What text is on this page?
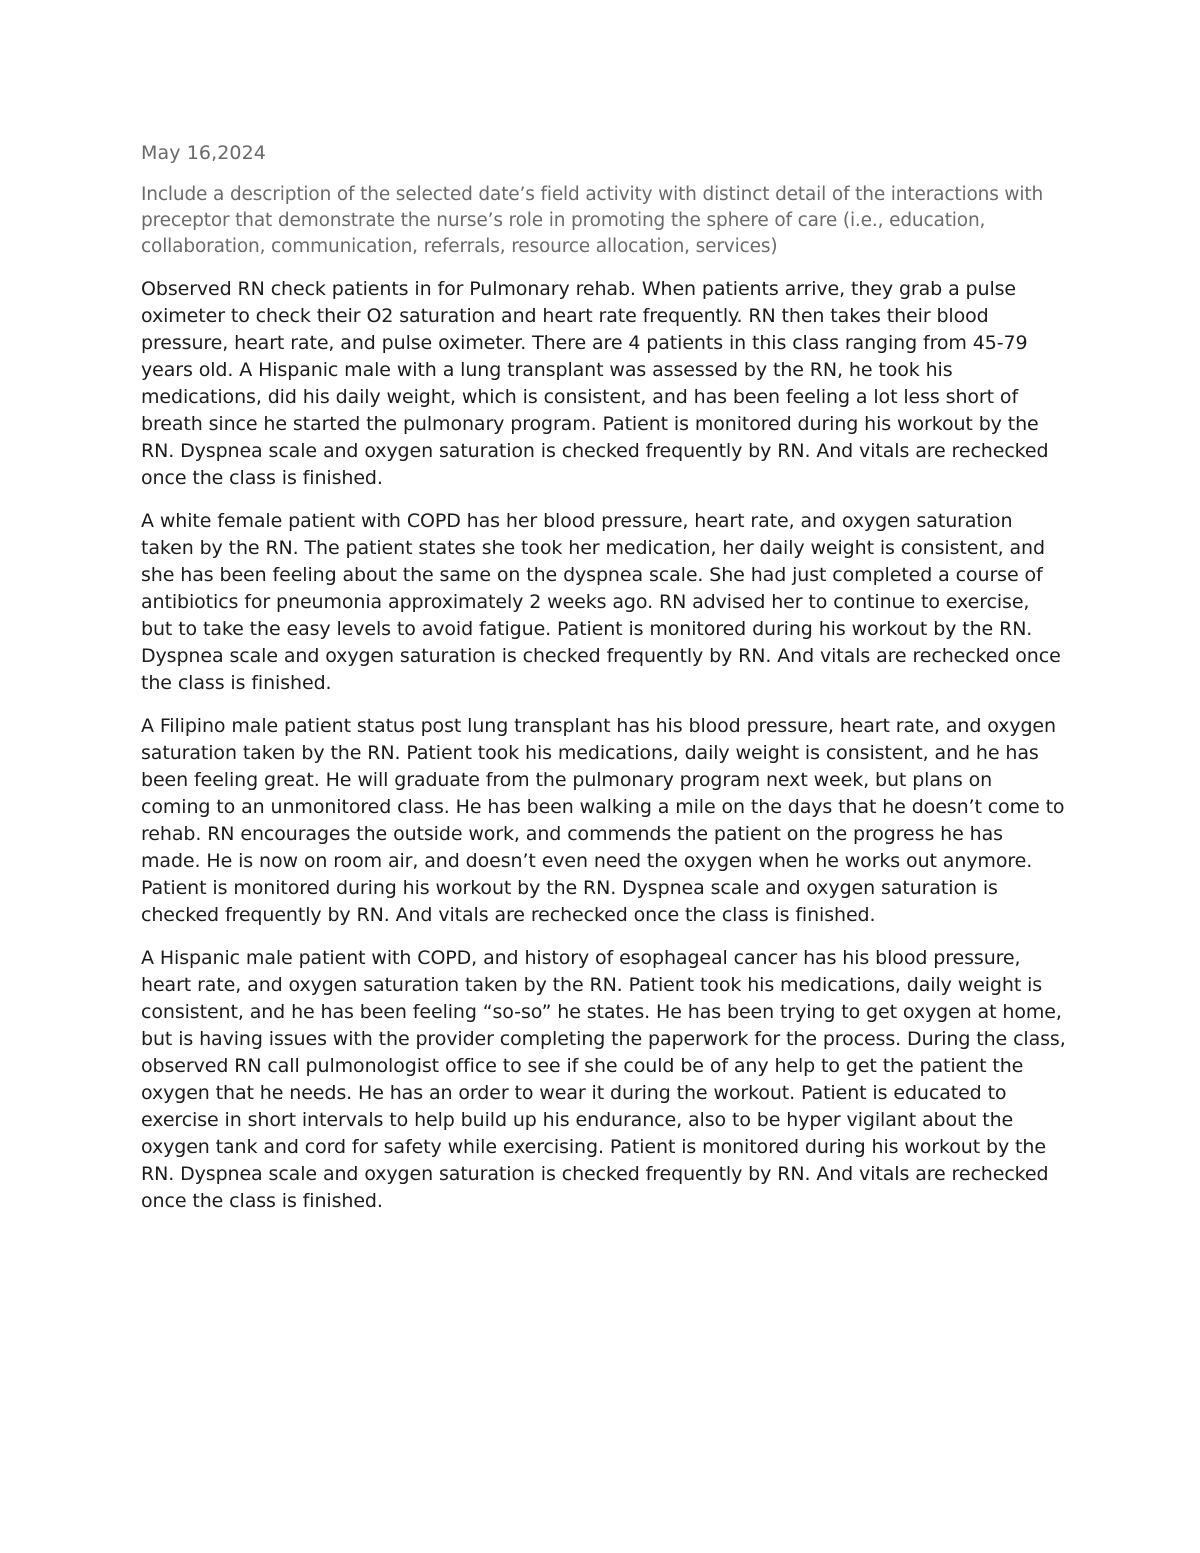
May 16,2024

Include a description of the selected date’s field activity with distinct detail of the interactions with preceptor that demonstrate the nurse’s role in promoting the sphere of care (i.e., education, collaboration, communication, referrals, resource allocation, services)

Observed RN check patients in for Pulmonary rehab. When patients arrive, they grab a pulse oximeter to check their O2 saturation and heart rate frequently. RN then takes their blood pressure, heart rate, and pulse oximeter. There are 4 patients in this class ranging from 45-79 years old. A Hispanic male with a lung transplant was assessed by the RN, he took his medications, did his daily weight, which is consistent, and has been feeling a lot less short of breath since he started the pulmonary program. Patient is monitored during his workout by the RN. Dyspnea scale and oxygen saturation is checked frequently by RN. And vitals are rechecked once the class is finished.

A white female patient with COPD has her blood pressure, heart rate, and oxygen saturation taken by the RN. The patient states she took her medication, her daily weight is consistent, and she has been feeling about the same on the dyspnea scale. She had just completed a course of antibiotics for pneumonia approximately 2 weeks ago. RN advised her to continue to exercise, but to take the easy levels to avoid fatigue. Patient is monitored during his workout by the RN. Dyspnea scale and oxygen saturation is checked frequently by RN. And vitals are rechecked once the class is finished.

A Filipino male patient status post lung transplant has his blood pressure, heart rate, and oxygen saturation taken by the RN. Patient took his medications, daily weight is consistent, and he has been feeling great. He will graduate from the pulmonary program next week, but plans on coming to an unmonitored class. He has been walking a mile on the days that he doesn’t come to rehab. RN encourages the outside work, and commends the patient on the progress he has made. He is now on room air, and doesn’t even need the oxygen when he works out anymore. Patient is monitored during his workout by the RN. Dyspnea scale and oxygen saturation is checked frequently by RN. And vitals are rechecked once the class is finished.

A Hispanic male patient with COPD, and history of esophageal cancer has his blood pressure, heart rate, and oxygen saturation taken by the RN. Patient took his medications, daily weight is consistent, and he has been feeling “so-so” he states. He has been trying to get oxygen at home, but is having issues with the provider completing the paperwork for the process. During the class, observed RN call pulmonologist office to see if she could be of any help to get the patient the oxygen that he needs. He has an order to wear it during the workout. Patient is educated to exercise in short intervals to help build up his endurance, also to be hyper vigilant about the oxygen tank and cord for safety while exercising. Patient is monitored during his workout by the RN. Dyspnea scale and oxygen saturation is checked frequently by RN. And vitals are rechecked once the class is finished.
